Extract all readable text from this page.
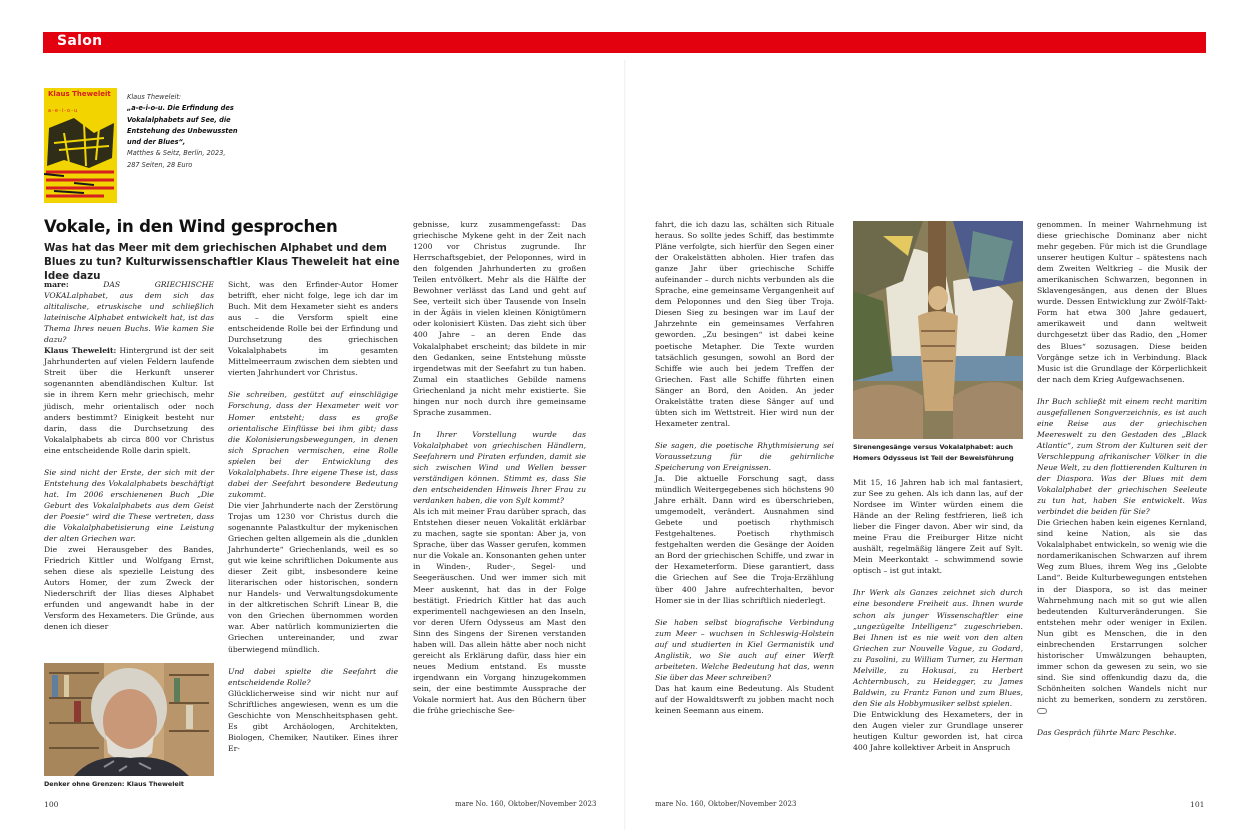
Salon
Klaus Theweleit
a-e-i-o-u
Klaus Theweleit:
„a-e-i-o-u. Die Erfindung des Vokalalphabets auf See, die Entstehung des Unbewussten und der Blues“,
Matthes & Seitz, Berlin, 2023,
287 Seiten, 28 Euro
Vokale, in den Wind gesprochen
Was hat das Meer mit dem griechischen Alphabet und dem Blues zu tun? Kulturwissenschaftler Klaus Theweleit hat eine Idee dazu

mare:	DAS GRIECHISCHE VOKALalphabet, aus dem sich das altitalische, etruskische und schließlich lateinische Alphabet entwickelt hat, ist das Thema Ihres neuen Buchs. Wie kamen Sie dazu?

Klaus Theweleit: Hintergrund ist der seit Jahrhunderten auf vielen Feldern laufende Streit über die Herkunft unserer sogenannten abendländischen Kultur. Ist sie in ihrem Kern mehr griechisch, mehr jüdisch, mehr orientalisch oder noch anders bestimmt? Einigkeit besteht nur darin, dass die Durchsetzung des Vokalalphabets ab circa 800 vor Christus eine entscheidende Rolle darin spielt.

Sie sind nicht der Erste, der sich mit der Entstehung des Vokalalphabets beschäftigt hat. Im 2006 erschienenen Buch „Die Geburt des Vokalalphabets aus dem Geist der Poesie“ wird die These vertreten, dass die Vokalalphabetisierung eine Leistung der alten Griechen war.

Die zwei Herausgeber des Bandes, Friedrich Kittler und Wolfgang Ernst, sehen diese als spezielle Leistung des Autors Homer, der zum Zweck der Niederschrift der Ilias dieses Alphabet erfunden und angewandt habe in der Versform des Hexameters. Die Gründe, aus denen ich dieser

Denker ohne Grenzen: Klaus Theweleit
100

Sicht, was den Erfinder-Autor Homer betrifft, eher nicht folge, lege ich dar im Buch. Mit dem Hexameter sieht es anders aus – die Versform spielt eine entscheidende Rolle bei der Erfindung und Durchsetzung des griechischen Vokalalphabets im gesamten Mittelmeerraum zwischen dem siebten und vierten Jahrhundert vor Christus.

Sie schreiben, gestützt auf einschlägige Forschung, dass der Hexameter weit vor Homer entsteht; dass es große orientalische Einflüsse bei ihm gibt; dass die Kolonisierungsbewegungen, in denen sich Sprachen vermischen, eine Rolle spielen bei der Entwicklung des Vokalalphabets. Ihre eigene These ist, dass dabei der Seefahrt besondere Bedeutung zukommt.

Die vier Jahrhunderte nach der Zerstörung Trojas um 1230 vor Christus durch die sogenannte Palastkultur der mykenischen Griechen gelten allgemein als die „dunklen Jahrhunderte“ Griechenlands, weil es so gut wie keine schriftlichen Dokumente aus dieser Zeit gibt, insbesondere keine literarischen oder historischen, sondern nur Handels- und Verwaltungsdokumente in der altkretischen Schrift Linear B, die von den Griechen übernommen worden war. Aber natürlich kommunizierten die Griechen untereinander, und zwar überwiegend mündlich.

Und dabei spielte die Seefahrt die entscheidende Rolle?

Glücklicherweise sind wir nicht nur auf Schriftliches angewiesen, wenn es um die Geschichte von Menschheitsphasen geht. Es gibt Archäologen, Architekten, Biologen, Chemiker, Nautiker. Eines ihrer Er-

gebnisse, kurz zusammengefasst: Das griechische Mykene geht in der Zeit nach 1200 vor Christus zugrunde. Ihr Herrschaftsgebiet, der Peloponnes, wird in den folgenden Jahrhunderten zu großen Teilen entvölkert. Mehr als die Hälfte der Bewohner verlässt das Land und geht auf See, verteilt sich über Tausende von Inseln in der Ägäis in vielen kleinen Königtümern oder kolonisiert Küsten. Das zieht sich über 400 Jahre – an deren Ende das Vokalalphabet erscheint; das bildete in mir den Gedanken, seine Entstehung müsste irgendetwas mit der Seefahrt zu tun haben. Zumal ein staatliches Gebilde namens Griechenland ja nicht mehr existierte. Sie hingen nur noch durch ihre gemeinsame Sprache zusammen.

In Ihrer Vorstellung wurde das Vokalalphabet von griechischen Händlern, Seefahrern und Piraten erfunden, damit sie sich zwischen Wind und Wellen besser verständigen können. Stimmt es, dass Sie den entscheidenden Hinweis Ihrer Frau zu verdanken haben, die von Sylt kommt?

Als ich mit meiner Frau darüber sprach, das Entstehen dieser neuen Vokalität erklärbar zu machen, sagte sie spontan: Aber ja, von Sprache, über das Wasser gerufen, kommen nur die Vokale an. Konsonanten gehen unter in Winden-, Ruder-, Segel- und Seegeräuschen. Und wer immer sich mit Meer auskennt, hat das in der Folge bestätigt. Friedrich Kittler hat das auch experimentell nachgewiesen an den Inseln, vor deren Ufern Odysseus am Mast den Sinn des Singens der Sirenen verstanden haben will. Das allein hätte aber noch nicht gereicht als Erklärung dafür, dass hier ein neues Medium entstand. Es musste irgendwann ein Vorgang hinzugekommen sein, der eine bestimmte Aussprache der Vokale normiert hat. Aus den Büchern über die frühe griechische See-

mare No. 160, Oktober/November 2023

fahrt, die ich dazu las, schälten sich Rituale heraus. So sollte jedes Schiff, das bestimmte Pläne verfolgte, sich hierfür den Segen einer der Orakelstätten abholen. Hier trafen das ganze Jahr über griechische Schiffe aufeinander – durch nichts verbunden als die Sprache, eine gemeinsame Vergangenheit auf dem Peloponnes und den Sieg über Troja. Diesen Sieg zu besingen war im Lauf der Jahrzehnte ein gemeinsames Verfahren geworden. „Zu besingen“ ist dabei keine poetische Metapher. Die Texte wurden tatsächlich gesungen, sowohl an Bord der Schiffe wie auch bei jedem Treffen der Griechen. Fast alle Schiffe führten einen Sänger an Bord, den Aoiden. An jeder Orakelstätte traten diese Sänger auf und übten sich im Wettstreit. Hier wird nun der Hexameter zentral.

Sie sagen, die poetische Rhythmisierung sei Voraussetzung für die gehirnliche Speicherung von Ereignissen.

Ja. Die aktuelle Forschung sagt, dass mündlich Weitergegebenes sich höchstens 90 Jahre erhält. Dann wird es überschrieben, umgemodelt, verändert. Ausnahmen sind Gebete und poetisch rhythmisch Festgehaltenes. Poetisch rhythmisch festgehalten werden die Gesänge der Aoiden an Bord der griechischen Schiffe, und zwar in der Hexameterform. Diese garantiert, dass die Griechen auf See die Troja-Erzählung über 400 Jahre aufrechterhalten, bevor Homer sie in der Ilias schriftlich niederlegt.

Sie haben selbst biografische Verbindung zum Meer – wuchsen in Schleswig-Holstein auf und studierten in Kiel Germanistik und Anglistik, wo Sie auch auf einer Werft arbeiteten. Welche Bedeutung hat das, wenn Sie über das Meer schreiben?

Das hat kaum eine Bedeutung. Als Student auf der Howaldtswerft zu jobben macht noch keinen Seemann aus einem.

mare No. 160, Oktober/November 2023
Sirenengesänge versus Vokalalphabet: auch Homers Odysseus ist Teil der Beweisführung

Mit 15, 16 Jahren hab ich mal fantasiert, zur See zu gehen. Als ich dann las, auf der Nordsee im Winter würden einem die Hände an der Reling festfrieren, ließ ich lieber die Finger davon. Aber wir sind, da meine Frau die Freiburger Hitze nicht aushält, regelmäßig längere Zeit auf Sylt. Mein Meerkontakt – schwimmend sowie optisch – ist gut intakt.

Ihr Werk als Ganzes zeichnet sich durch eine besondere Freiheit aus. Ihnen wurde schon als junger Wissenschaftler eine „ungezügelte Intelligenz“ zugeschrieben. Bei Ihnen ist es nie weit von den alten Griechen zur Nouvelle Vague, zu Godard, zu Pasolini, zu William Turner, zu Herman Melville, zu Hokusai, zu Herbert Achternbusch, zu Heidegger, zu James Baldwin, zu Frantz Fanon und zum Blues, den Sie als Hobbymusiker selbst spielen.

Die Entwicklung des Hexameters, der in den Augen vieler zur Grundlage unserer heutigen Kultur geworden ist, hat circa 400 Jahre kollektiver Arbeit in Anspruch

genommen. In meiner Wahrnehmung ist diese griechische Dominanz aber nicht mehr gegeben. Für mich ist die Grundlage unserer heutigen Kultur – spätestens nach dem Zweiten Weltkrieg – die Musik der amerikanischen Schwarzen, begonnen in Sklavengesängen, aus denen der Blues wurde. Dessen Entwicklung zur Zwölf-Takt-Form hat etwa 300 Jahre gedauert, amerikaweit und dann weltweit durchgesetzt über das Radio, den „Homer des Blues“ sozusagen. Diese beiden Vorgänge setze ich in Verbindung. Black Music ist die Grundlage der Körperlichkeit der nach dem Krieg Aufgewachsenen.

Ihr Buch schließt mit einem recht maritim ausgefallenen Songverzeichnis, es ist auch eine Reise aus der griechischen Meereswelt zu den Gestaden des „Black Atlantic“, zum Strom der Kulturen seit der Verschleppung afrikanischer Völker in die Neue Welt, zu den flottierenden Kulturen in der Diaspora. Was der Blues mit dem Vokalalphabet der griechischen Seeleute zu tun hat, haben Sie entwickelt. Was verbindet die beiden für Sie?

Die Griechen haben kein eigenes Kernland, sind keine Nation, als sie das Vokalalphabet entwickeln, so wenig wie die nordamerikanischen Schwarzen auf ihrem Weg zum Blues, ihrem Weg ins „Gelobte Land“. Beide Kulturbewegungen entstehen in der Diaspora, so ist das meiner Wahrnehmung nach mit so gut wie allen bedeutenden Kulturveränderungen. Sie entstehen mehr oder weniger in Exilen. Nun gibt es Menschen, die in den einbrechenden Erstarrungen solcher historischer Umwälzungen behaupten, immer schon da gewesen zu sein, wo sie sind. Sie sind offenkundig dazu da, die Schönheiten solchen Wandels nicht nur nicht zu bemerken, sondern zu zerstören.

Das Gespräch führte Marc Peschke.

101
